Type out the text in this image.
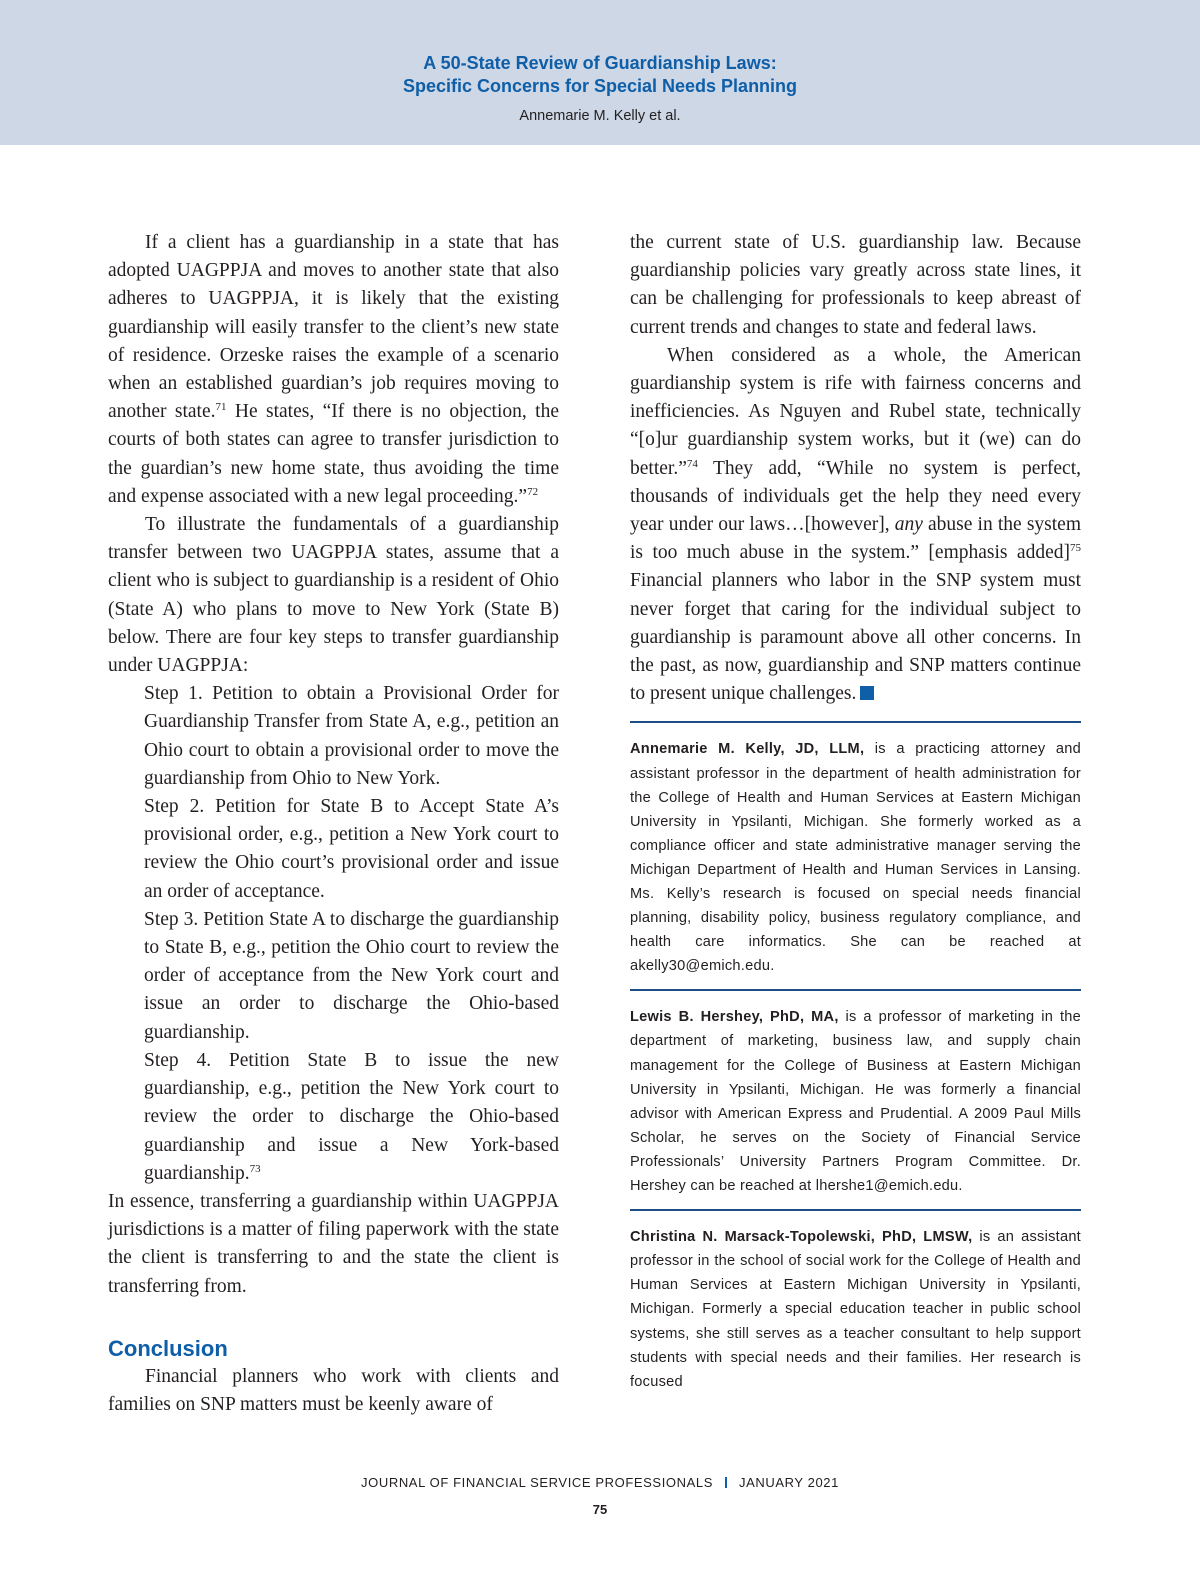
A 50-State Review of Guardianship Laws:
Specific Concerns for Special Needs Planning
Annemarie M. Kelly et al.

If a client has a guardianship in a state that has adopted UAGPPJA and moves to another state that also adheres to UAGPPJA, it is likely that the existing guardianship will easily transfer to the client’s new state of residence. Orzeske raises the example of a scenario when an established guardian’s job requires moving to another state.$^{71}$ He states, “If there is no objection, the courts of both states can agree to transfer jurisdiction to the guardian’s new home state, thus avoiding the time and expense associated with a new legal proceeding.”$^{72}$

To illustrate the fundamentals of a guardianship transfer between two UAGPPJA states, assume that a client who is subject to guardianship is a resident of Ohio (State A) who plans to move to New York (State B) below. There are four key steps to transfer guardianship under UAGPPJA:

Step 1. Petition to obtain a Provisional Order for Guardianship Transfer from State A, e.g., petition an Ohio court to obtain a provisional order to move the guardianship from Ohio to New York.

Step 2. Petition for State B to Accept State A’s provisional order, e.g., petition a New York court to review the Ohio court’s provisional order and issue an order of acceptance.

Step 3. Petition State A to discharge the guardianship to State B, e.g., petition the Ohio court to review the order of acceptance from the New York court and issue an order to discharge the Ohio-based guardianship.

Step 4. Petition State B to issue the new guardianship, e.g., petition the New York court to review the order to discharge the Ohio-based guardianship and issue a New York-based guardianship.$^{73}$

In essence, transferring a guardianship within UAGPPJA jurisdictions is a matter of filing paperwork with the state the client is transferring to and the state the client is transferring from.

Conclusion

Financial planners who work with clients and families on SNP matters must be keenly aware of

the current state of U.S. guardianship law. Because guardianship policies vary greatly across state lines, it can be challenging for professionals to keep abreast of current trends and changes to state and federal laws.

When considered as a whole, the American guardianship system is rife with fairness concerns and inefficiencies. As Nguyen and Rubel state, technically “[o]ur guardianship system works, but it (we) can do better.”$^{74}$ They add, “While no system is perfect, thousands of individuals get the help they need every year under our laws…[however], any abuse in the system is too much abuse in the system.” [emphasis added]$^{75}$ Financial planners who labor in the SNP system must never forget that caring for the individual subject to guardianship is paramount above all other concerns. In the past, as now, guardianship and SNP matters continue to present unique challenges.

Annemarie M. Kelly, JD, LLM, is a practicing attorney and assistant professor in the department of health administration for the College of Health and Human Services at Eastern Michigan University in Ypsilanti, Michigan. She formerly worked as a compliance officer and state administrative manager serving the Michigan Department of Health and Human Services in Lansing. Ms. Kelly’s research is focused on special needs financial planning, disability policy, business regulatory compliance, and health care informatics. She can be reached at akelly30@emich.edu.

Lewis B. Hershey, PhD, MA, is a professor of marketing in the department of marketing, business law, and supply chain management for the College of Business at Eastern Michigan University in Ypsilanti, Michigan. He was formerly a financial advisor with American Express and Prudential. A 2009 Paul Mills Scholar, he serves on the Society of Financial Service Professionals’ University Partners Program Committee. Dr. Hershey can be reached at lhershe1@emich.edu.

Christina N. Marsack-Topolewski, PhD, LMSW, is an assistant professor in the school of social work for the College of Health and Human Services at Eastern Michigan University in Ypsilanti, Michigan. Formerly a special education teacher in public school systems, she still serves as a teacher consultant to help support students with special needs and their families. Her research is focused

JOURNAL OF FINANCIAL SERVICE PROFESSIONALS JANUARY 2021
75
